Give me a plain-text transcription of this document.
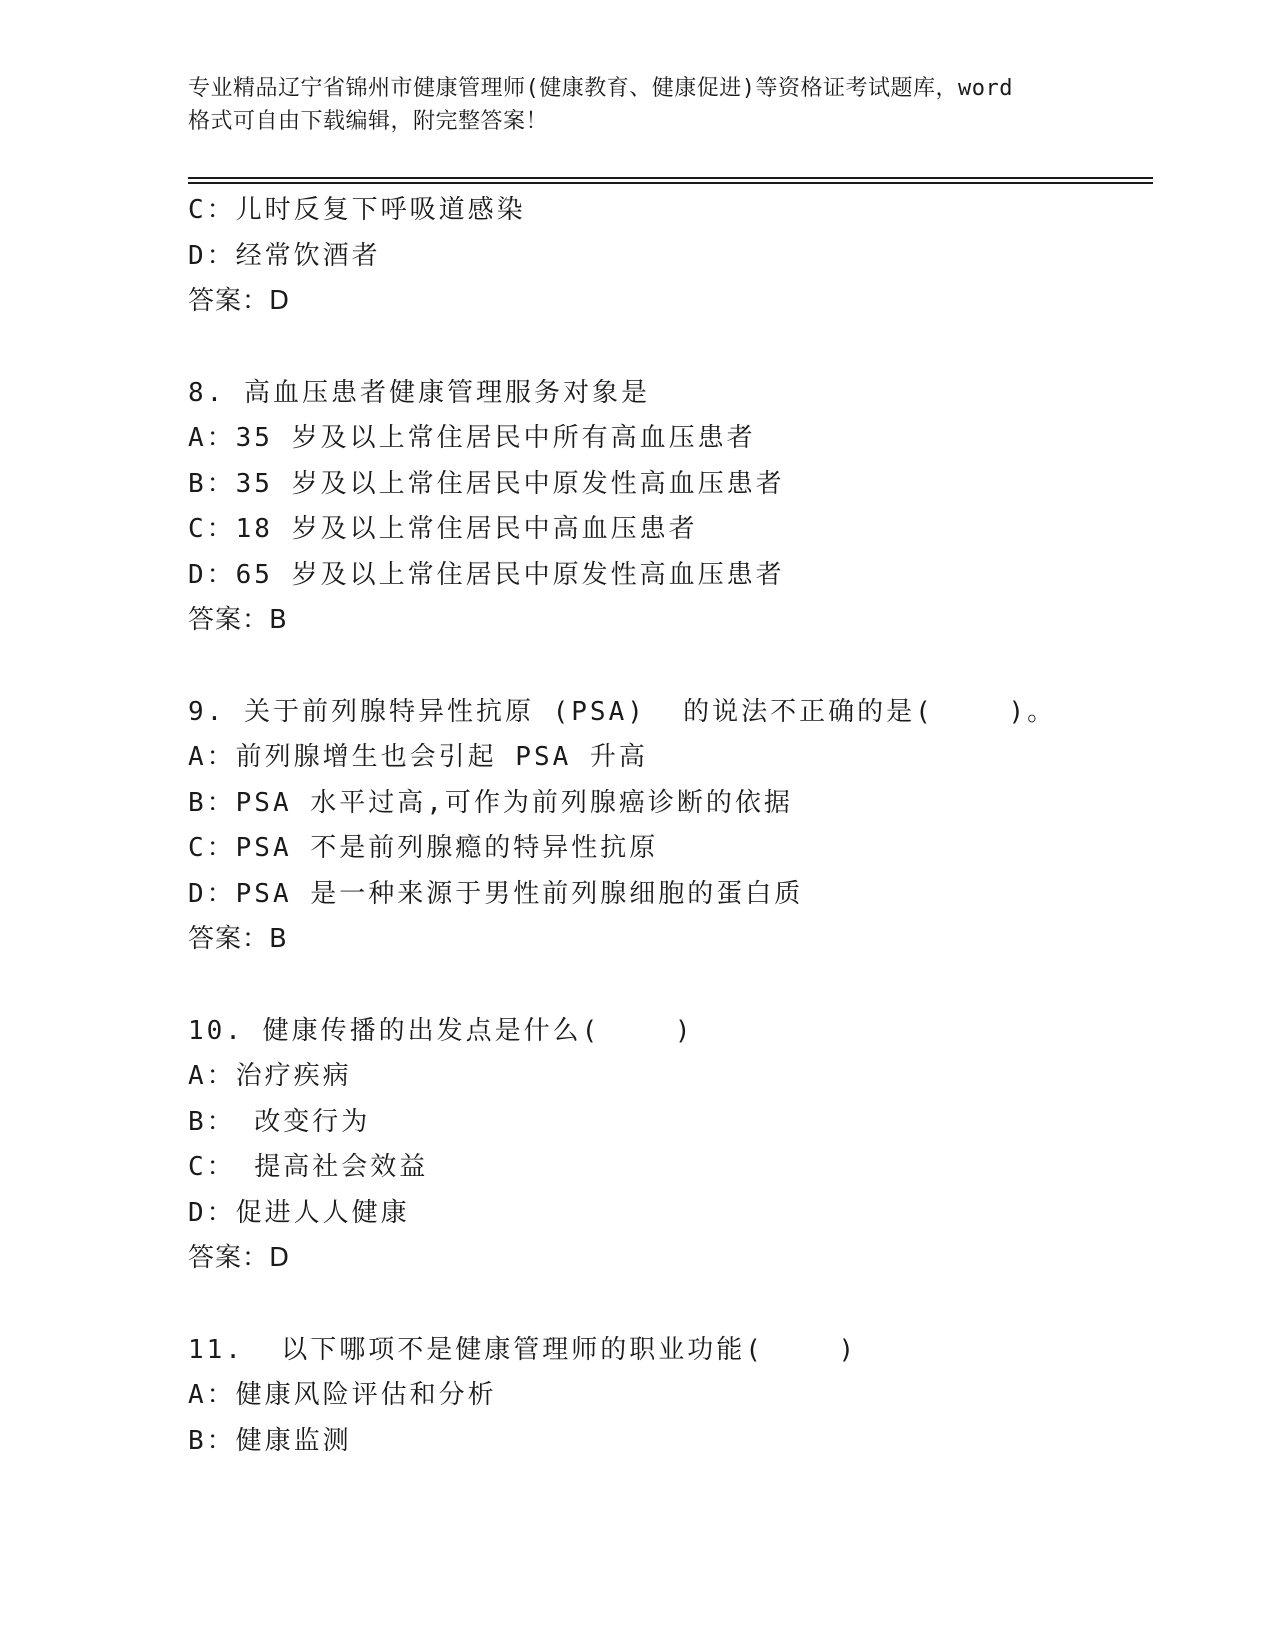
专业精品辽宁省锦州市健康管理师(健康教育、健康促进)等资格证考试题库，word
格式可自由下载编辑，附完整答案！
C：儿时反复下呼吸道感染
D：经常饮酒者
答案：D
8. 高血压患者健康管理服务对象是
A：35 岁及以上常住居民中所有高血压患者
B：35 岁及以上常住居民中原发性高血压患者
C：18 岁及以上常住居民中高血压患者
D：65 岁及以上常住居民中原发性高血压患者
答案：B
9. 关于前列腺特异性抗原 (PSA)  的说法不正确的是(    )。
A：前列腺增生也会引起 PSA 升高
B：PSA 水平过高,可作为前列腺癌诊断的依据
C：PSA 不是前列腺瘾的特异性抗原
D：PSA 是一种来源于男性前列腺细胞的蛋白质
答案：B
10. 健康传播的出发点是什么(    )
A：治疗疾病
B： 改变行为
C： 提高社会效益
D：促进人人健康
答案：D
11.  以下哪项不是健康管理师的职业功能(    )
A：健康风险评估和分析
B：健康监测
